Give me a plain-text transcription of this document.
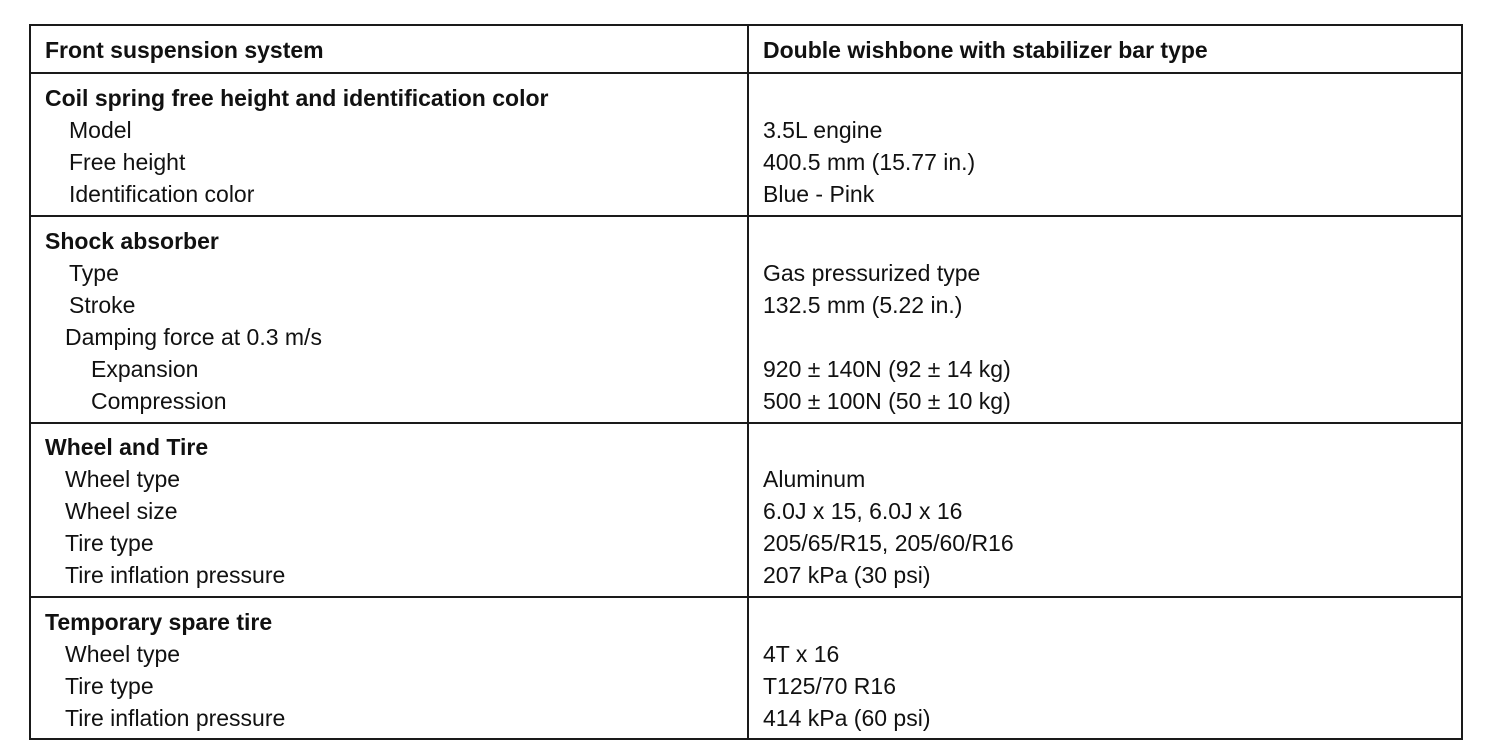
Front suspension system	Double wishbone with stabilizer bar type
Coil spring free height and identification color
Model	3.5L engine
Free height	400.5 mm (15.77 in.)
Identification color	Blue - Pink
Shock absorber
Type	Gas pressurized type
Stroke	132.5 mm (5.22 in.)
Damping force at 0.3 m/s
Expansion	920 ± 140N (92 ± 14 kg)
Compression	500 ± 100N (50 ± 10 kg)
Wheel and Tire
Wheel type	Aluminum
Wheel size	6.0J x 15, 6.0J x 16
Tire type	205/65/R15, 205/60/R16
Tire inflation pressure	207 kPa (30 psi)
Temporary spare tire
Wheel type	4T x 16
Tire type	T125/70 R16
Tire inflation pressure	414 kPa (60 psi)
